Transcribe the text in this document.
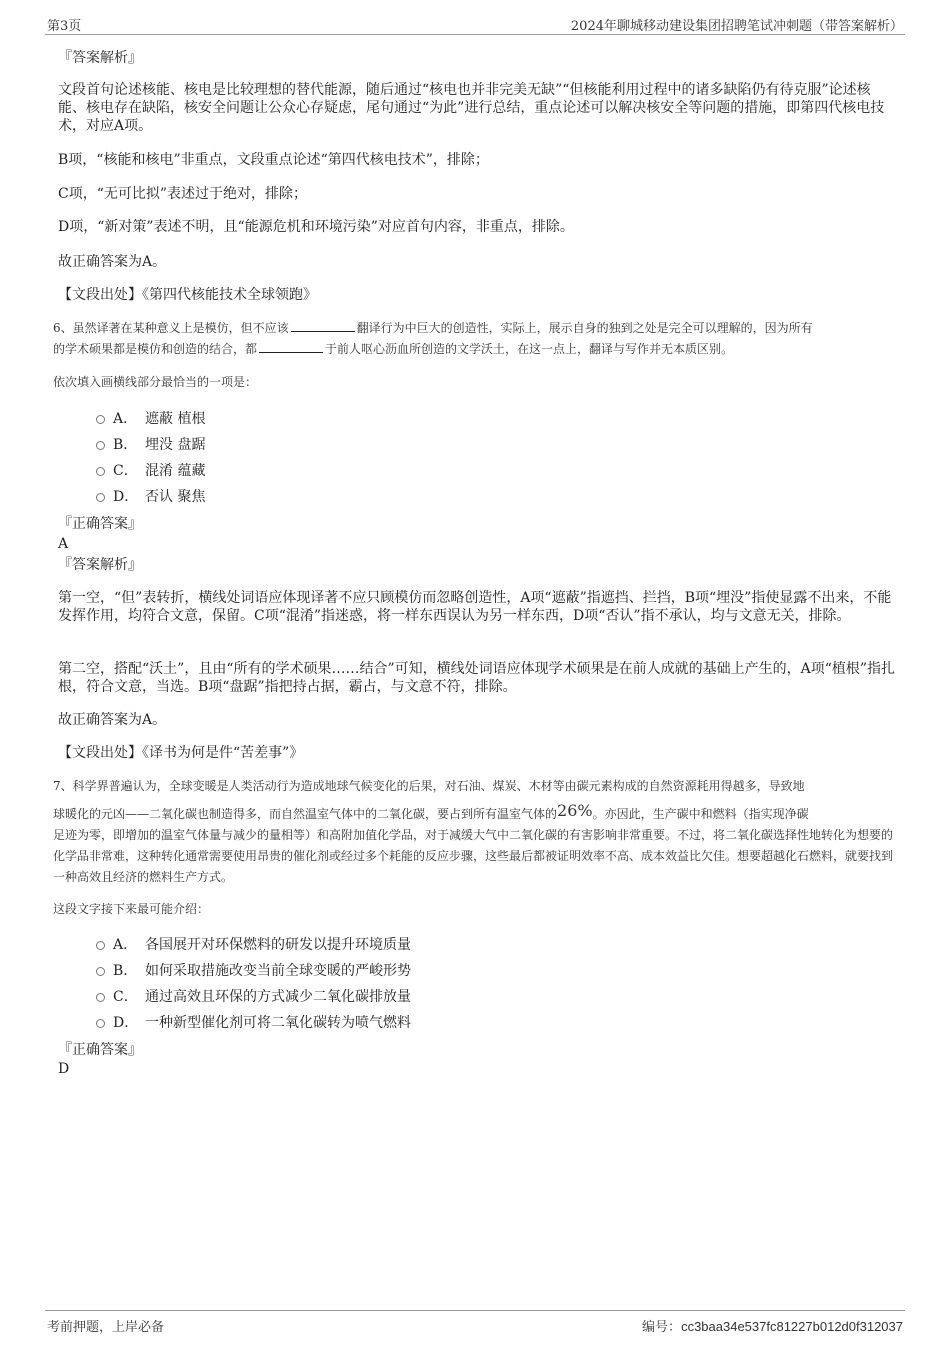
第3页	2024年聊城移动建设集团招聘笔试冲刺题（带答案解析）
『答案解析』
文段首句论述核能、核电是比较理想的替代能源，随后通过“核电也并非完美无缺”“但核能利用过程中的诸多缺陷仍有待克服”论述核能、核电存在缺陷，核安全问题让公众心存疑虑，尾句通过“为此”进行总结，重点论述可以解决核安全等问题的措施，即第四代核电技术，对应A项。
B项，“核能和核电”非重点，文段重点论述“第四代核电技术”，排除；
C项，“无可比拟”表述过于绝对，排除；
D项，“新对策”表述不明，且“能源危机和环境污染”对应首句内容，非重点，排除。
故正确答案为A。
【文段出处】《第四代核能技术全球领跑》
6、虽然译著在某种意义上是模仿，但不应该	翻译行为中巨大的创造性，实际上，展示自身的独到之处是完全可以理解的，因为所有
的学术硕果都是模仿和创造的结合，都	于前人呕心沥血所创造的文学沃土，在这一点上，翻译与写作并无本质区别。
依次填入画横线部分最恰当的一项是：
A． 遮蔽 植根
B． 埋没 盘踞
C． 混淆 蕴藏
D． 否认 聚焦
『正确答案』
A
『答案解析』
第一空，“但”表转折，横线处词语应体现译著不应只顾模仿而忽略创造性，A项“遮蔽”指遮挡、拦挡，B项“埋没”指使显露不出来，不能发挥作用，均符合文意，保留。C项“混淆”指迷惑，将一样东西误认为另一样东西，D项“否认”指不承认，均与文意无关，排除。
第二空，搭配“沃土”，且由“所有的学术硕果……结合”可知，横线处词语应体现学术硕果是在前人成就的基础上产生的，A项“植根”指扎根，符合文意，当选。B项“盘踞”指把持占据，霸占，与文意不符，排除。
故正确答案为A。
【文段出处】《译书为何是件“苦差事”》
7、科学界普遍认为，全球变暖是人类活动行为造成地球气候变化的后果，对石油、煤炭、木材等由碳元素构成的自然资源耗用得越多，导致地
球暖化的元凶——二氧化碳也制造得多，而自然温室气体中的二氧化碳，要占到所有温室气体的26%。亦因此，生产碳中和燃料（指实现净碳
足迹为零，即增加的温室气体量与减少的量相等）和高附加值化学品，对于减缓大气中二氧化碳的有害影响非常重要。不过，将二氧化碳选择性地转化为想要的化学品非常难，这种转化通常需要使用昂贵的催化剂或经过多个耗能的反应步骤，这些最后都被证明效率不高、成本效益比欠佳。想要超越化石燃料，就要找到一种高效且经济的燃料生产方式。
这段文字接下来最可能介绍：
A． 各国展开对环保燃料的研发以提升环境质量
B． 如何采取措施改变当前全球变暖的严峻形势
C． 通过高效且环保的方式减少二氧化碳排放量
D． 一种新型催化剂可将二氧化碳转为喷气燃料
『正确答案』
D
考前押题，上岸必备	编号：cc3baa34e537fc81227b012d0f312037
